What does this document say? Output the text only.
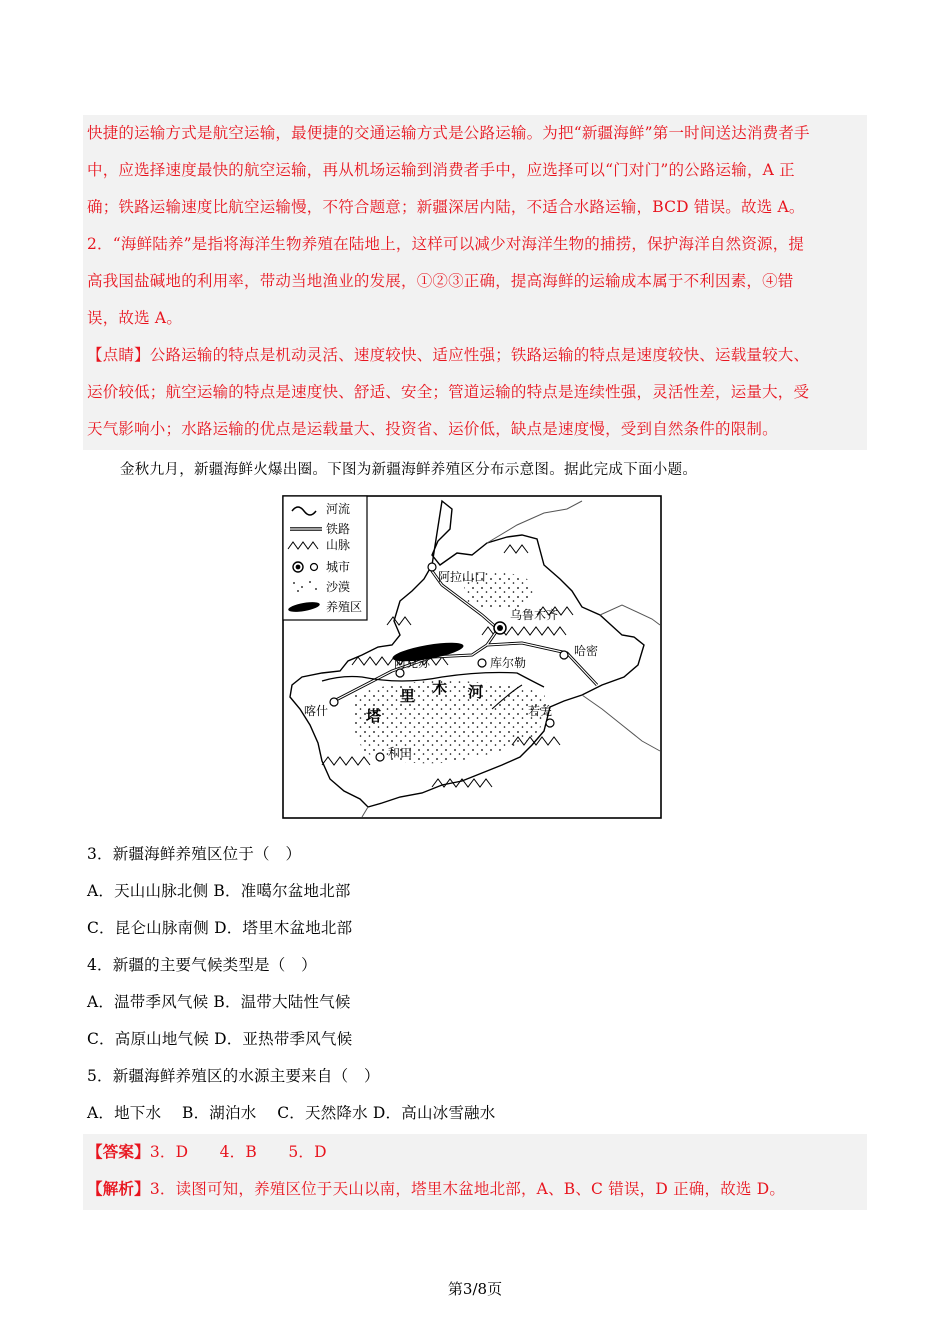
快捷的运输方式是航空运输，最便捷的交通运输方式是公路运输。为把“新疆海鲜”第一时间送达消费者手
中，应选择速度最快的航空运输，再从机场运输到消费者手中，应选择可以“门对门”的公路运输，A 正
确；铁路运输速度比航空运输慢，不符合题意；新疆深居内陆，不适合水路运输，BCD 错误。故选 A。
2．“海鲜陆养”是指将海洋生物养殖在陆地上，这样可以减少对海洋生物的捕捞，保护海洋自然资源，提
高我国盐碱地的利用率，带动当地渔业的发展，①②③正确，提高海鲜的运输成本属于不利因素，④错
误，故选 A。
【点睛】公路运输的特点是机动灵活、速度较快、适应性强；铁路运输的特点是速度较快、运载量较大、
运价较低；航空运输的特点是速度快、舒适、安全；管道运输的特点是连续性强，灵活性差，运量大，受
天气影响小；水路运输的优点是运载量大、投资省、运价低，缺点是速度慢，受到自然条件的限制。
金秋九月，新疆海鲜火爆出圈。下图为新疆海鲜养殖区分布示意图。据此完成下面小题。
阿拉山口
乌鲁木齐
哈密
阿克苏	库尔勒
喀什	若羌
和田
塔
里 木 河
河流
铁路
山脉
城市
沙漠
养殖区
3．新疆海鲜养殖区位于（　）
A．天山山脉北侧 B．准噶尔盆地北部
C．昆仑山脉南侧 D．塔里木盆地北部
4．新疆的主要气候类型是（　）
A．温带季风气候 B．温带大陆性气候
C．高原山地气候 D．亚热带季风气候
5．新疆海鲜养殖区的水源主要来自（　）
A．地下水　 B．湖泊水　 C．天然降水 D．高山冰雪融水
【答案】3．D　　4．B　　5．D
【解析】3．读图可知，养殖区位于天山以南，塔里木盆地北部，A、B、C 错误，D 正确，故选 D。
第3/8页
